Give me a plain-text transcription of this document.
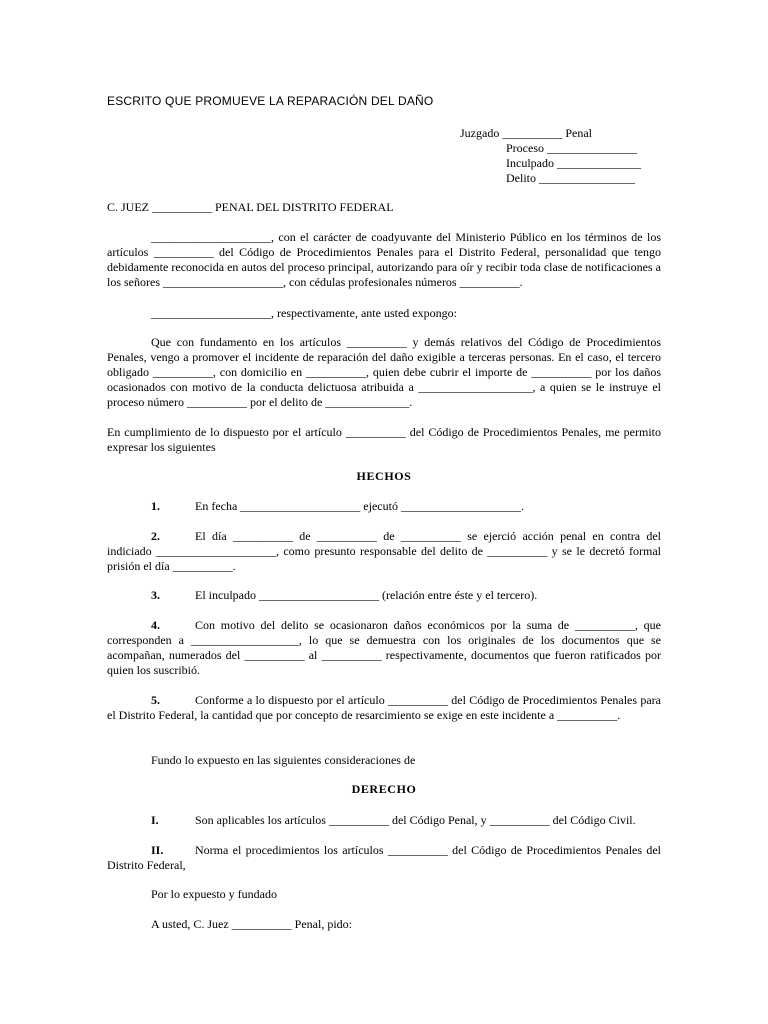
ESCRITO QUE PROMUEVE LA REPARACIÓN DEL DAÑO
Juzgado __________ Penal
Proceso _______________
Inculpado ______________
Delito ________________
C. JUEZ __________ PENAL DEL DISTRITO FEDERAL
____________________, con el carácter de coadyuvante del Ministerio Público en los términos de los artículos __________ del Código de Procedimientos Penales para el Distrito Federal, personalidad que tengo debidamente reconocida en autos del proceso principal, autorizando para oír y recibir toda clase de notificaciones a los señores ____________________, con cédulas profesionales números __________.
____________________, respectivamente, ante usted expongo:
Que con fundamento en los artículos __________ y demás relativos del Código de Procedimientos Penales, vengo a promover el incidente de reparación del daño exigible a terceras personas. En el caso, el tercero obligado __________, con domicilio en __________, quien debe cubrir el importe de __________ por los daños ocasionados con motivo de la conducta delictuosa atribuida a ___________________, a quien se le instruye el proceso número __________ por el delito de ______________.
En cumplimiento de lo dispuesto por el artículo __________ del Código de Procedimientos Penales, me permito expresar los siguientes
HECHOS
1.	En fecha ____________________ ejecutó ____________________.
2.	El día __________ de __________ de __________ se ejerció acción penal en contra del indiciado ____________________, como presunto responsable del delito de __________ y se le decretó formal prisión el día __________.
3.	El inculpado ____________________ (relación entre éste y el tercero).
4.	Con motivo del delito se ocasionaron daños económicos por la suma de __________, que corresponden a __________________, lo que se demuestra con los originales de los documentos que se acompañan, numerados del __________ al __________ respectivamente, documentos que fueron ratificados por quien los suscribió.
5.	Conforme a lo dispuesto por el artículo __________ del Código de Procedimientos Penales para el Distrito Federal, la cantidad que por concepto de resarcimiento se exige en este incidente a __________.
Fundo lo expuesto en las siguientes consideraciones de
DERECHO
I.	Son aplicables los artículos __________ del Código Penal, y __________ del Código Civil.
II.	Norma el procedimientos los artículos __________ del Código de Procedimientos Penales del Distrito Federal,
Por lo expuesto y fundado
A usted, C. Juez __________ Penal, pido:
